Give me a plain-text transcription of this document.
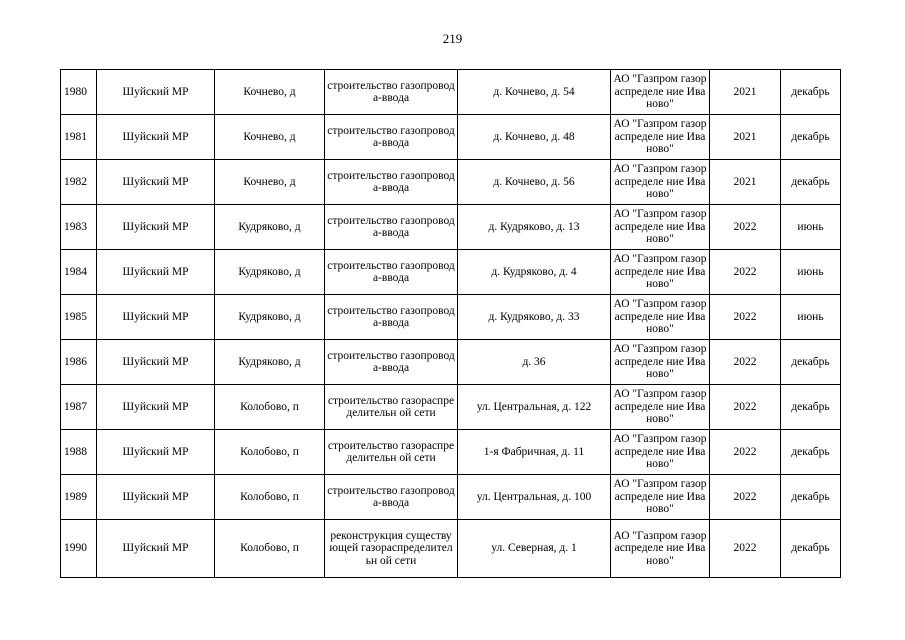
219
1980	Шуйский МР	Кочнево, д	строительство газопровода-ввода	д. Кочнево, д. 54	АО "Газпром газораспределе ние Иваново"	2021	декабрь

1981	Шуйский МР	Кочнево, д	строительство газопровода-ввода	д. Кочнево, д. 48	АО "Газпром газораспределе ние Иваново"	2021	декабрь

1982	Шуйский МР	Кочнево, д	строительство газопровода-ввода	д. Кочнево, д. 56	АО "Газпром газораспределе ние Иваново"	2021	декабрь

1983	Шуйский МР	Кудряково, д	строительство газопровода-ввода	д. Кудряково, д. 13	АО "Газпром газораспределе ние Иваново"	2022	июнь

1984	Шуйский МР	Кудряково, д	строительство газопровода-ввода	д. Кудряково, д. 4	АО "Газпром газораспределе ние Иваново"	2022	июнь

1985	Шуйский МР	Кудряково, д	строительство газопровода-ввода	д. Кудряково, д. 33	АО "Газпром газораспределе ние Иваново"	2022	июнь

1986	Шуйский МР	Кудряково, д	строительство газопровода-ввода	д. 36	АО "Газпром газораспределе ние Иваново"	2022	декабрь

1987	Шуйский МР	Колобово, п	строительство газораспределительн ой сети	ул. Центральная, д. 122	АО "Газпром газораспределе ние Иваново"	2022	декабрь

1988	Шуйский МР	Колобово, п	строительство газораспределительн ой сети	1-я Фабричная, д. 11	АО "Газпром газораспределе ние Иваново"	2022	декабрь

1989	Шуйский МР	Колобово, п	строительство газопровода-ввода	ул. Центральная, д. 100	АО "Газпром газораспределе ние Иваново"	2022	декабрь

1990	Шуйский МР	Колобово, п	реконструкция существующей газораспределительн ой сети	ул. Северная, д. 1	АО "Газпром газораспределе ние Иваново"	2022	декабрь
